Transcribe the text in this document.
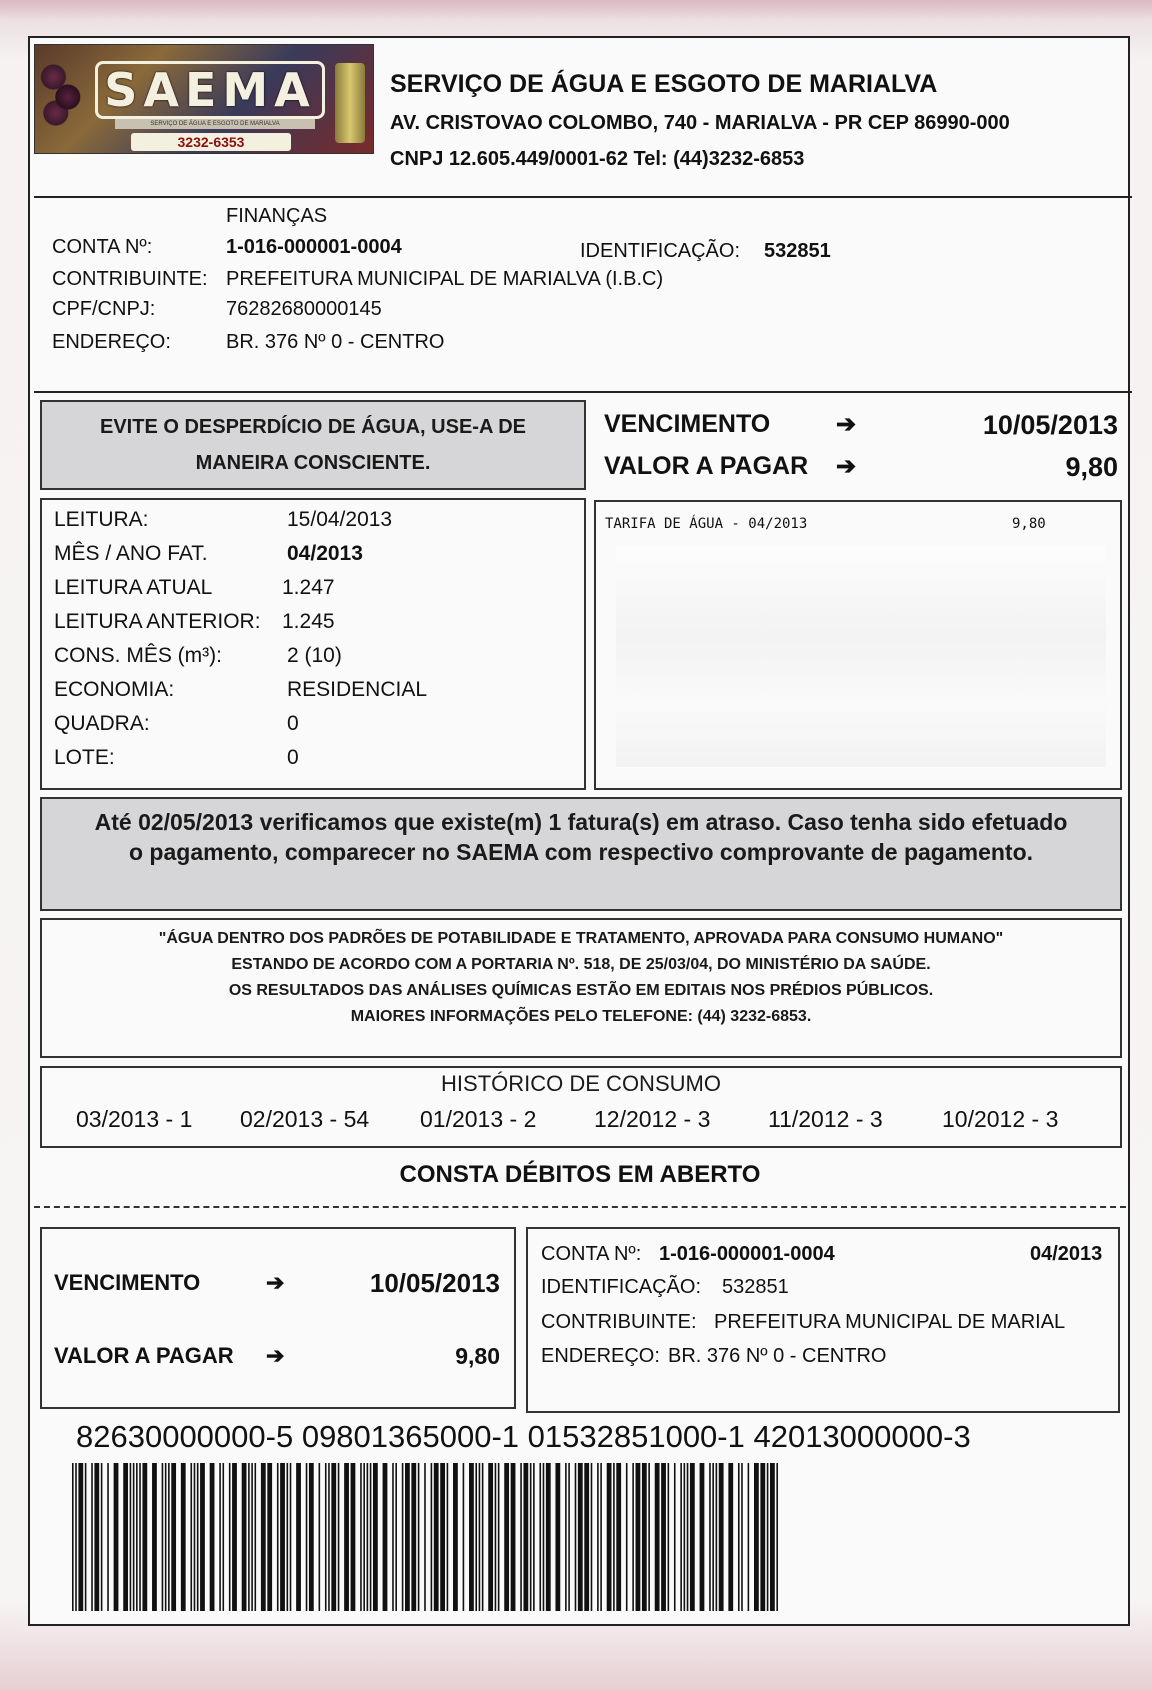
SAEMA
SERVIÇO DE ÁGUA E ESGOTO DE MARIALVA
3232-6353
SERVIÇO DE ÁGUA E ESGOTO DE MARIALVA
AV. CRISTOVAO COLOMBO, 740 - MARIALVA - PR CEP 86990-000
CNPJ 12.605.449/0001-62 Tel: (44)3232-6853
FINANÇAS
CONTA Nº:	1-016-000001-0004	IDENTIFICAÇÃO: 532851
CONTRIBUINTE: PREFEITURA MUNICIPAL DE MARIALVA (I.B.C)
CPF/CNPJ:	76282680000145
ENDEREÇO:	BR. 376 Nº 0 - CENTRO
EVITE O DESPERDÍCIO DE ÁGUA, USE-A DE
MANEIRA CONSCIENTE.
VENCIMENTO	➔	10/05/2013
VALOR A PAGAR ➔	9,80
LEITURA:	15/04/2013
MÊS / ANO FAT.	04/2013
LEITURA ATUAL	1.247
LEITURA ANTERIOR: 1.245
CONS. MÊS (m³):	2 (10)
ECONOMIA:	RESIDENCIAL
QUADRA:	0
LOTE:	0
TARIFA DE ÁGUA - 04/2013	9,80
Até 02/05/2013 verificamos que existe(m) 1 fatura(s) em atraso. Caso tenha sido efetuado
o pagamento, comparecer no SAEMA com respectivo comprovante de pagamento.
"ÁGUA DENTRO DOS PADRÕES DE POTABILIDADE E TRATAMENTO, APROVADA PARA CONSUMO HUMANO"
ESTANDO DE ACORDO COM A PORTARIA Nº. 518, DE 25/03/04, DO MINISTÉRIO DA SAÚDE.
OS RESULTADOS DAS ANÁLISES QUÍMICAS ESTÃO EM EDITAIS NOS PRÉDIOS PÚBLICOS.
MAIORES INFORMAÇÕES PELO TELEFONE: (44) 3232-6853.
HISTÓRICO DE CONSUMO
03/2013 - 1 02/2013 - 54 01/2013 - 2	12/2012 - 3	11/2012 - 3	10/2012 - 3
CONSTA DÉBITOS EM ABERTO
VENCIMENTO	➔	10/05/2013
VALOR A PAGAR ➔	9,80
CONTA Nº: 1-016-000001-0004	04/2013
IDENTIFICAÇÃO: 532851
CONTRIBUINTE: PREFEITURA MUNICIPAL DE MARIAL
ENDEREÇO: BR. 376 Nº 0 - CENTRO
82630000000-5 09801365000-1 01532851000-1 42013000000-3
